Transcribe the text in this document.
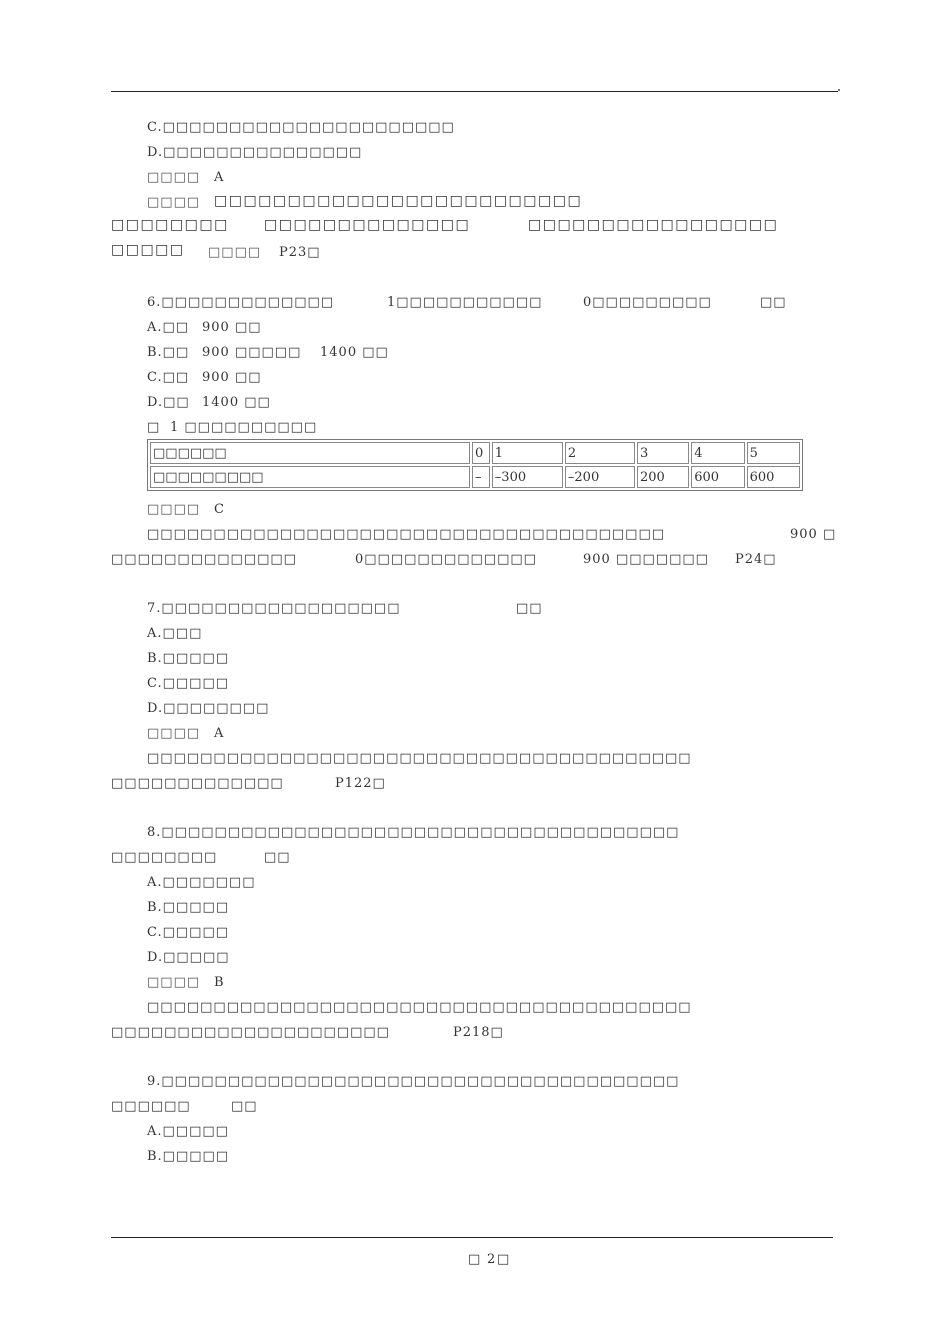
C.□□□□□□□□□□□□□□□□□□□□□□
D.□□□□□□□□□□□□□□□
□□□□ A
□□□□ □□□□□□□□□□□□□□□□□□□□□□□□□
□□□□□□□□	□□□□□□□□□□□□□□	□□□□□□□□□□□□□□□□□
□□□□□ □□□□ P23□
6.□□□□□□□□□□□□□	1□□□□□□□□□□□	0□□□□□□□□□	□□
A.□□ 900 □□
B.□□ 900 □□□□□ 1400 □□
C.□□ 900 □□
D.□□ 1400 □□
□ 1 □□□□□□□□□□
□□□□□□	0	1	2	3	4	5
□□□□□□□□□	–	–300	–200	200	600	600
□□□□ C
□□□□□□□□□□□□□□□□□□□□□□□□□□□□□□□□□□□□□□□	900 □
□□□□□□□□□□□□□□	0□□□□□□□□□□□□□	900 □□□□□□□ P24□
7.□□□□□□□□□□□□□□□□□□	□□
A.□□□
B.□□□□□
C.□□□□□
D.□□□□□□□□
□□□□ A
□□□□□□□□□□□□□□□□□□□□□□□□□□□□□□□□□□□□□□□□□
□□□□□□□□□□□□□	P122□
8.□□□□□□□□□□□□□□□□□□□□□□□□□□□□□□□□□□□□□□□
□□□□□□□□	□□
A.□□□□□□□
B.□□□□□
C.□□□□□
D.□□□□□
□□□□ B
□□□□□□□□□□□□□□□□□□□□□□□□□□□□□□□□□□□□□□□□□
□□□□□□□□□□□□□□□□□□□□□	P218□
9.□□□□□□□□□□□□□□□□□□□□□□□□□□□□□□□□□□□□□□□
□□□□□□	□□
A.□□□□□
B.□□□□□
□ 2 □
